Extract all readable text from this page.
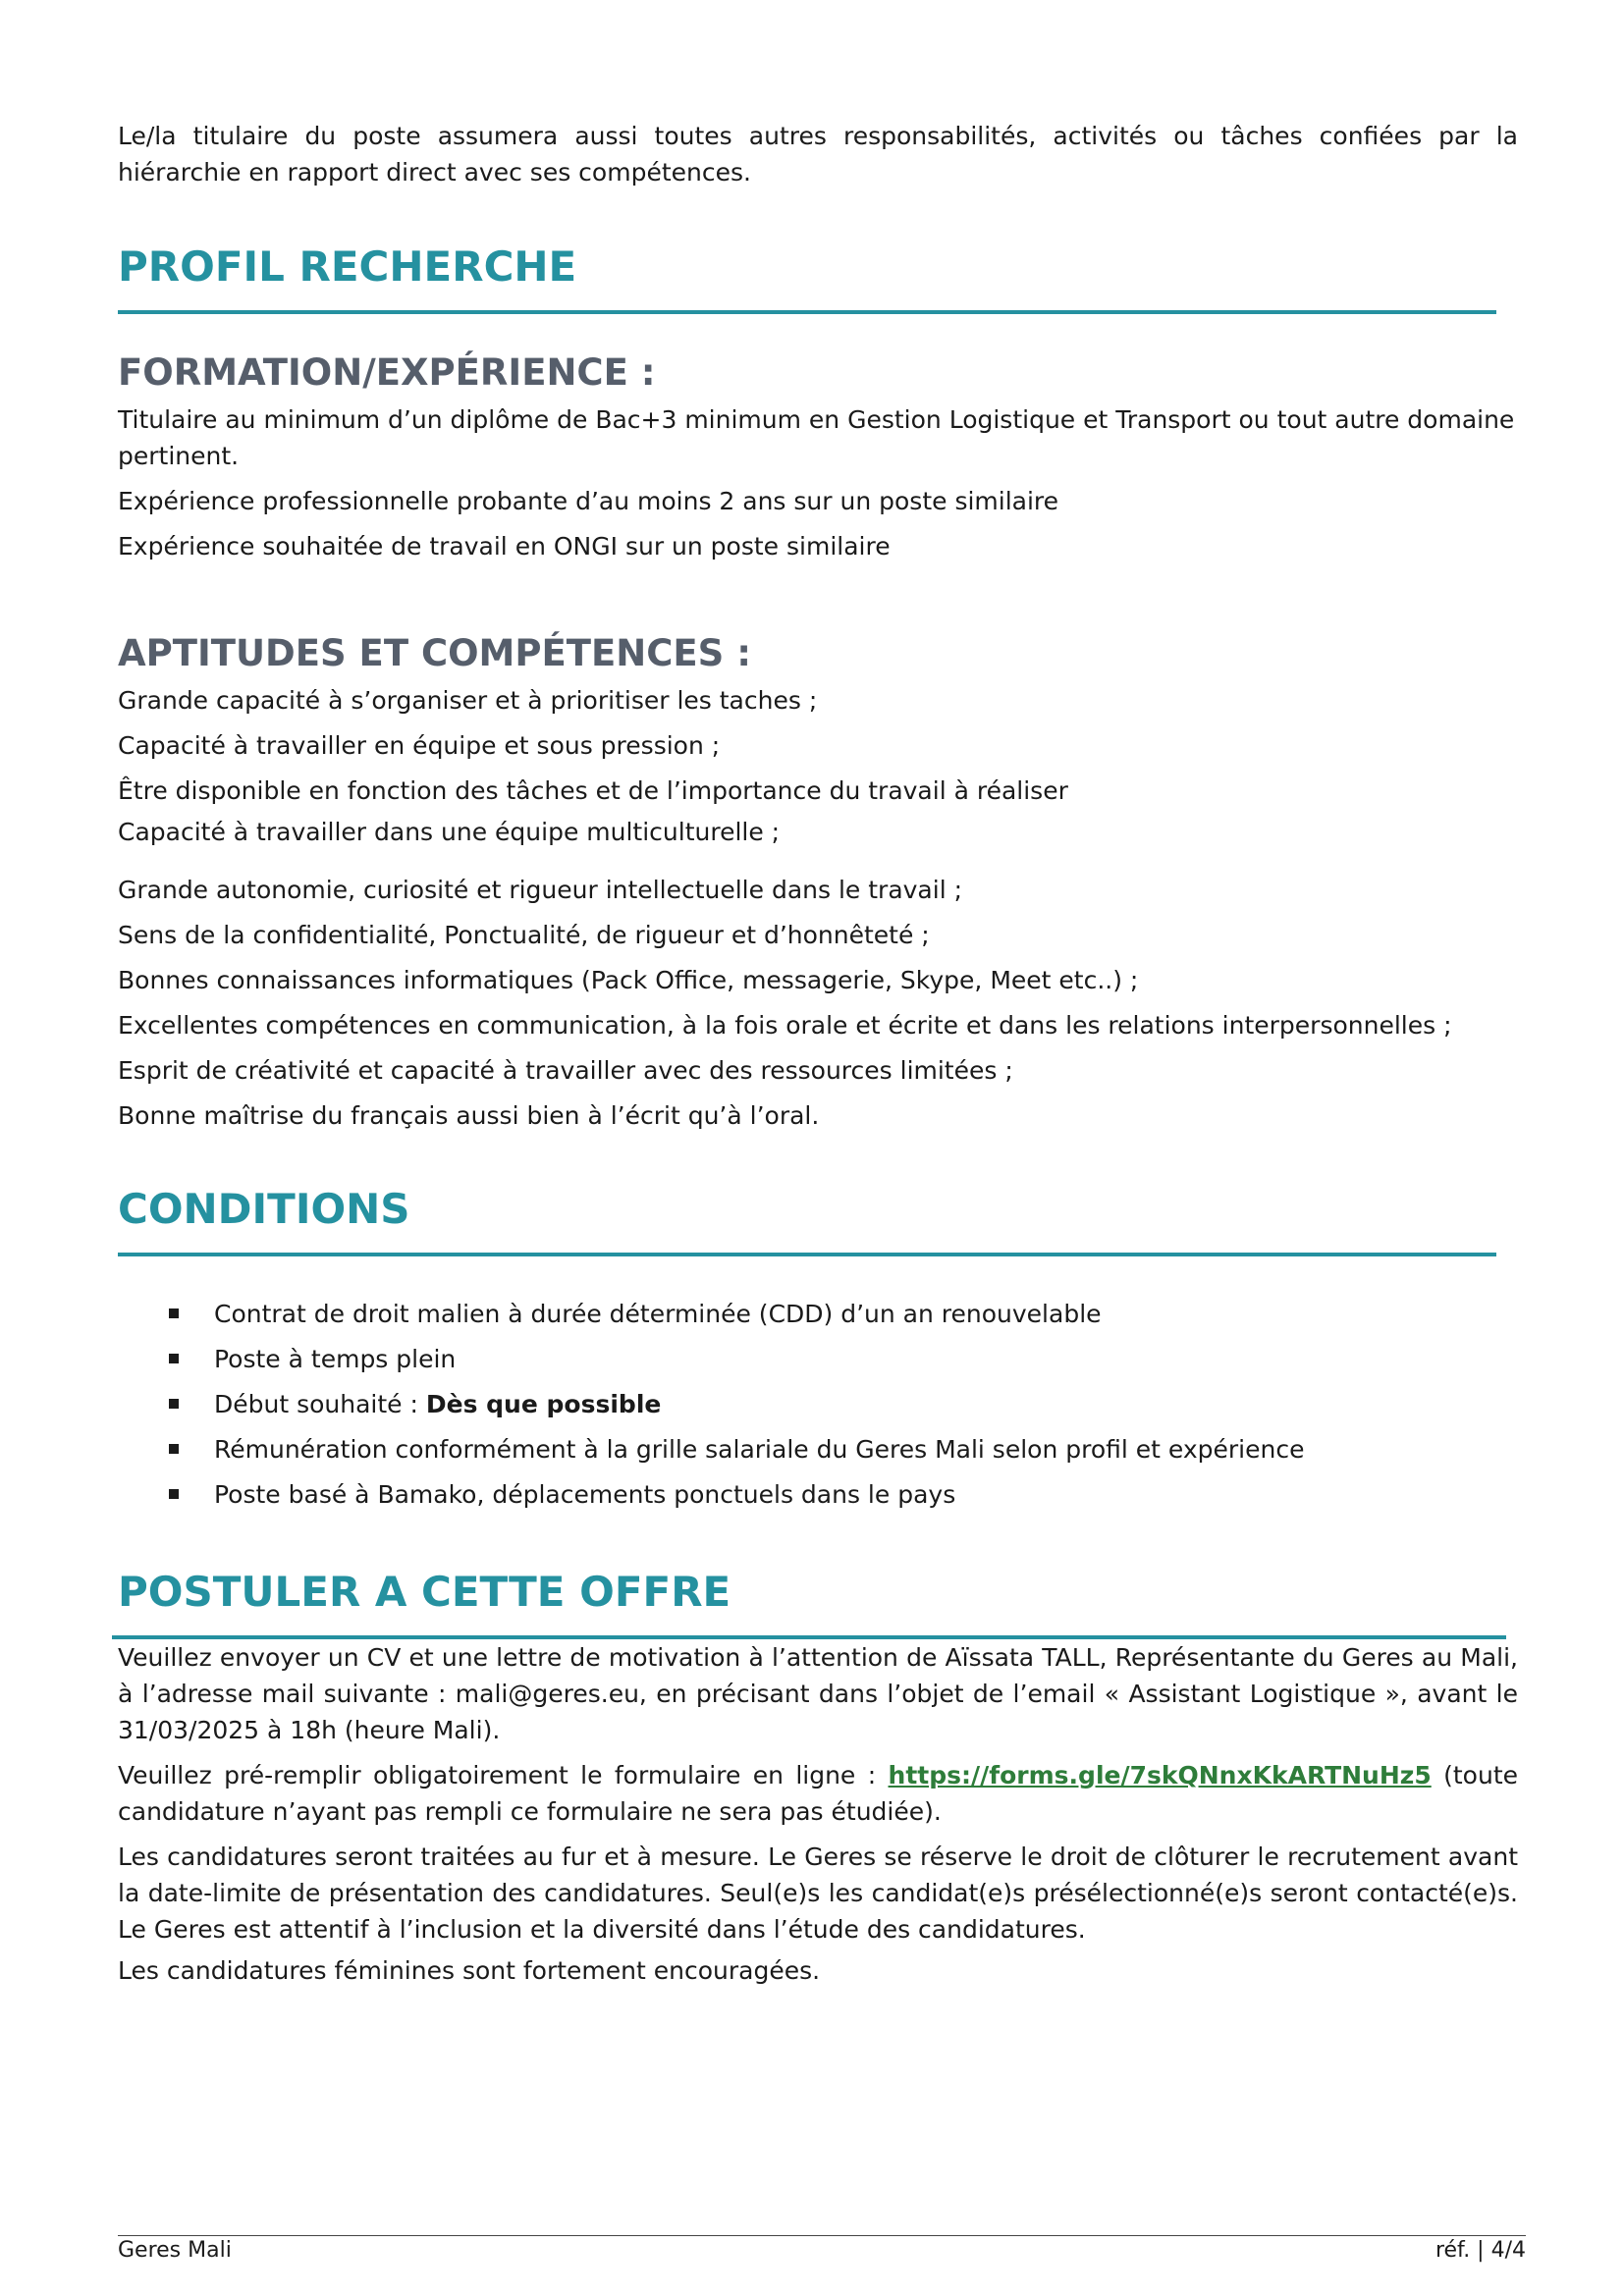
Le/la titulaire du poste assumera aussi toutes autres responsabilités, activités ou tâches confiées par la hiérarchie en rapport direct avec ses compétences.

PROFIL RECHERCHE
FORMATION/EXPÉRIENCE :

Titulaire au minimum d’un diplôme de Bac+3 minimum en Gestion Logistique et Transport ou tout autre domaine pertinent.

Expérience professionnelle probante d’au moins 2 ans sur un poste similaire

Expérience souhaitée de travail en ONGI sur un poste similaire

APTITUDES ET COMPÉTENCES :

Grande capacité à s’organiser et à prioritiser les taches ;

Capacité à travailler en équipe et sous pression ;

Être disponible en fonction des tâches et de l’importance du travail à réaliser

Capacité à travailler dans une équipe multiculturelle ;

Grande autonomie, curiosité et rigueur intellectuelle dans le travail ;

Sens de la confidentialité, Ponctualité, de rigueur et d’honnêteté ;

Bonnes connaissances informatiques (Pack Office, messagerie, Skype, Meet etc..) ;

Excellentes compétences en communication, à la fois orale et écrite et dans les relations interpersonnelles ;

Esprit de créativité et capacité à travailler avec des ressources limitées ;

Bonne maîtrise du français aussi bien à l’écrit qu’à l’oral.

CONDITIONS
Contrat de droit malien à durée déterminée (CDD) d’un an renouvelable
Poste à temps plein
Début souhaité : Dès que possible
Rémunération conformément à la grille salariale du Geres Mali selon profil et expérience
Poste basé à Bamako, déplacements ponctuels dans le pays
POSTULER A CETTE OFFRE

Veuillez envoyer un CV et une lettre de motivation à l’attention de Aïssata TALL, Représentante du Geres au Mali, à l’adresse mail suivante : mali@geres.eu, en précisant dans l’objet de l’email « Assistant Logistique », avant le 31/03/2025 à 18h (heure Mali).

Veuillez pré-remplir obligatoirement le formulaire en ligne : https://forms.gle/7skQNnxKkARTNuHz5 (toute candidature n’ayant pas rempli ce formulaire ne sera pas étudiée).

Les candidatures seront traitées au fur et à mesure. Le Geres se réserve le droit de clôturer le recrutement avant la date-limite de présentation des candidatures. Seul(e)s les candidat(e)s présélectionné(e)s seront contacté(e)s. Le Geres est attentif à l’inclusion et la diversité dans l’étude des candidatures.

Les candidatures féminines sont fortement encouragées.

Geres Mali	réf. | 4/4
